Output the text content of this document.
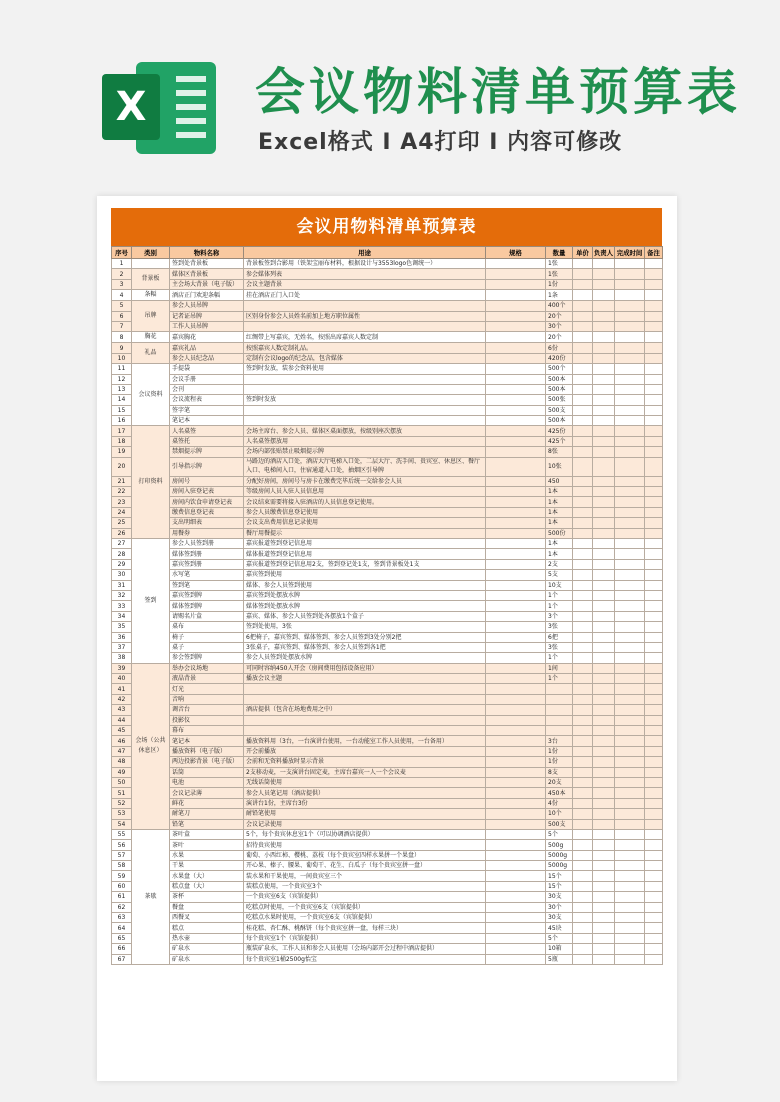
X 会议物料清单预算表
Excel格式 I A4打印 I 内容可修改
会议用物料清单预算表
序号	类别	物料名称	用途	规格	数量	单价	负责人	完成时间	备注
1		签到处背景板	背景板签到合影用（铁架宝丽布材料，根据设计与3553logo色调统一）		1张				
2	背景板	媒体区背景板	参会媒体列表		1张				
3		主会场大背景（电子版）	会议主题背景		1份				
4	条幅	酒店正门欢迎条幅	挂在酒店正门入口处		1条				
5	吊牌	参会人员吊牌			400个				
6		记者证吊牌	区别身份参会人员姓名前加上地方职位属性		20个				
7		工作人员吊牌			30个				
8	胸花	嘉宾胸花	红绸带上写嘉宾，无姓名，按照出席嘉宾人数定制		20个				
9	礼品	嘉宾礼品	按照嘉宾人数定制礼品。		6份				
10		参会人员纪念品	定制有会议logo的纪念品，包含媒体		420份				
11	会议资料	手提袋	签到时发放，装参会资料使用		500个				
12		会议手册			500本				
13		会刊			500本				
14		会议流程表	签到时发放		500张				
15		签字笔			500支				
16		笔记本			500本				
17	打印资料	人名桌签	会场主席台、参会人员、媒体区桌面摆放，按级别座次摆放		425份				
18		桌签托	人名桌签摆放用		425个				
19		禁烟提示牌	会场内部张贴禁止吸烟提示牌		8张				
20		引导指示牌	马路边的酒店入口处，酒店大厅电梯入口处，二层大厅、洗手间、贵宾室、休息区、餐厅入口、电梯间入口，住宿通道入口处，抽烟区引导牌		10张				
21		房间号	分配好房间，房间号与房卡在缴费完毕后统一交给参会人员		450				
22		房间入驻登记表	等级房间人员入驻人员信息用		1本				
23		房间内饮食申请登记表	会议结束需要将接入驻酒店的人员信息登记使用。		1本				
24		缴费信息登记表	参会人员缴费信息登记使用		1本				
25		支出明细表	会议支出费用信息记录使用		1本				
26		用餐券	餐厅用餐提示		500份				
27	签到	参会人员签到册	嘉宾报道签到登记信息用		1本				
28		媒体签到册	媒体报道签到登记信息用		1本				
29		嘉宾签到册	嘉宾报道签到登记信息用2支，签到登记处1支，签到背景板处1支		2支				
30		水写笔	嘉宾签到使用		5支				
31		签到笔	媒体、参会人员签到使用		10支				
32		嘉宾签到牌	嘉宾签到处摆放水牌		1个				
33		媒体签到牌	媒体签到处摆放水牌		1个				
34		请赐名片盒	嘉宾、媒体、参会人员签到处各摆放1个盒子		3个				
35		桌布	签到处使用，3张		3张				
36		椅子	6把椅子，嘉宾签到、媒体签到、参会人员签到3处分别2把		6把				
37		桌子	3张桌子，嘉宾签到、媒体签到、参会人员签到各1把		3张				
38		参会签到牌	参会人员签到处摆放水牌		1个				
39	会场（公共休息区）	举办会议场地	可同时容纳450人开会（房间费用包括设备应用）		1间				
40		液晶背景	播放会议主题		1个				
41		灯光							
42		音响							
43		调音台	酒店提供（包含在场地费用之中）						
44		投影仪							
45		幕布							
46		笔记本	播放资料用（3台，一台演讲台使用，一台动能室工作人员使用，一台备用）		3台				
47		播放资料（电子版）	开会前播放		1份				
48		两边投影背景（电子版）	会前和无资料播放时显示背景		1份				
49		话筒	2支移动麦，一支演讲台固定麦，主席台嘉宾一人一个会议麦		8支				
50		电池	无线话筒使用		20支				
51		会议记录薄	参会人员笔记用（酒店提供）		450本				
52		鲜花	演讲台1份，主席台3份		4份				
53		耐笔刀	耐铅笔使用		10个				
54		铅笔	会议记录使用		500支				
55	茶歇	茶叶盒	5个，每个贵宾休息室1个（可以协调酒店提供）		5个				
56		茶叶	招待贵宾使用		500g				
57		水果	葡萄、小西红柿、樱桃、荔枝（每个贵宾室四样水果拼一个果盘）		5000g				
58		干果	开心果、榛子、腰果、葡萄干、花生、白瓜子（每个贵宾室拼一盘）		5000g				
59		水果盘（大）	装水果和干果使用，一间贵宾室三个		15个				
60		糕点盘（大）	装糕点使用，一个贵宾室3个		15个				
61		茶杯	一个贵宾室6支（宾馆提供）		30支				
62		餐盘	吃糕点时使用，一个贵宾室6支（宾馆提供）		30个				
63		西餐叉	吃糕点水果时使用，一个贵宾室6支（宾馆提供）		30支				
64		糕点	桂花糕、杏仁酥、桃酥饼（每个贵宾室拼一盘，每样三块）		45块				
65		热水壶	每个贵宾室1个（宾馆提供）		5个				
66		矿泉水	瓶装矿泉水，工作人员和参会人员使用（会场内部开会过程中酒店提供）		10箱				
67		矿泉水	每个贵宾室1桶2500g怡宝		5瓶				
